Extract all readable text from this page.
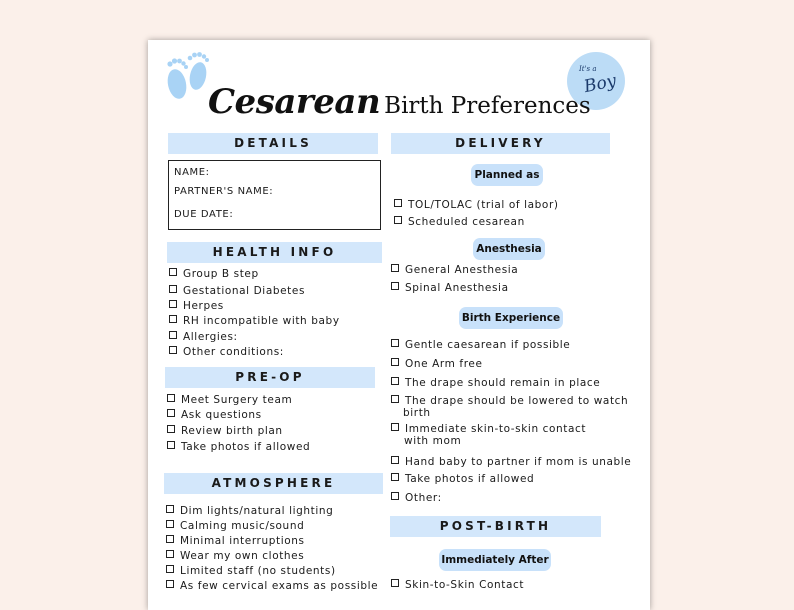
It's a
Boy
Cesarean Birth Preferences
DETAILS
NAME:
PARTNER'S NAME:
DUE DATE:
HEALTH INFO
Group B step
Gestational Diabetes
Herpes
RH incompatible with baby
Allergies:
Other conditions:
PRE-OP
Meet Surgery team
Ask questions
Review birth plan
Take photos if allowed
ATMOSPHERE
Dim lights/natural lighting
Calming music/sound
Minimal interruptions
Wear my own clothes
Limited staff (no students)
As few cervical exams as possible
DELIVERY
Planned as
TOL/TOLAC (trial of labor)
Scheduled cesarean
Anesthesia
General Anesthesia
Spinal Anesthesia
Birth Experience
Gentle caesarean if possible
One Arm free
The drape should remain in place
The drape should be lowered to watch
birth
Immediate skin-to-skin contact
with mom
Hand baby to partner if mom is unable
Take photos if allowed
Other:
POST-BIRTH
Immediately After
Skin-to-Skin Contact
